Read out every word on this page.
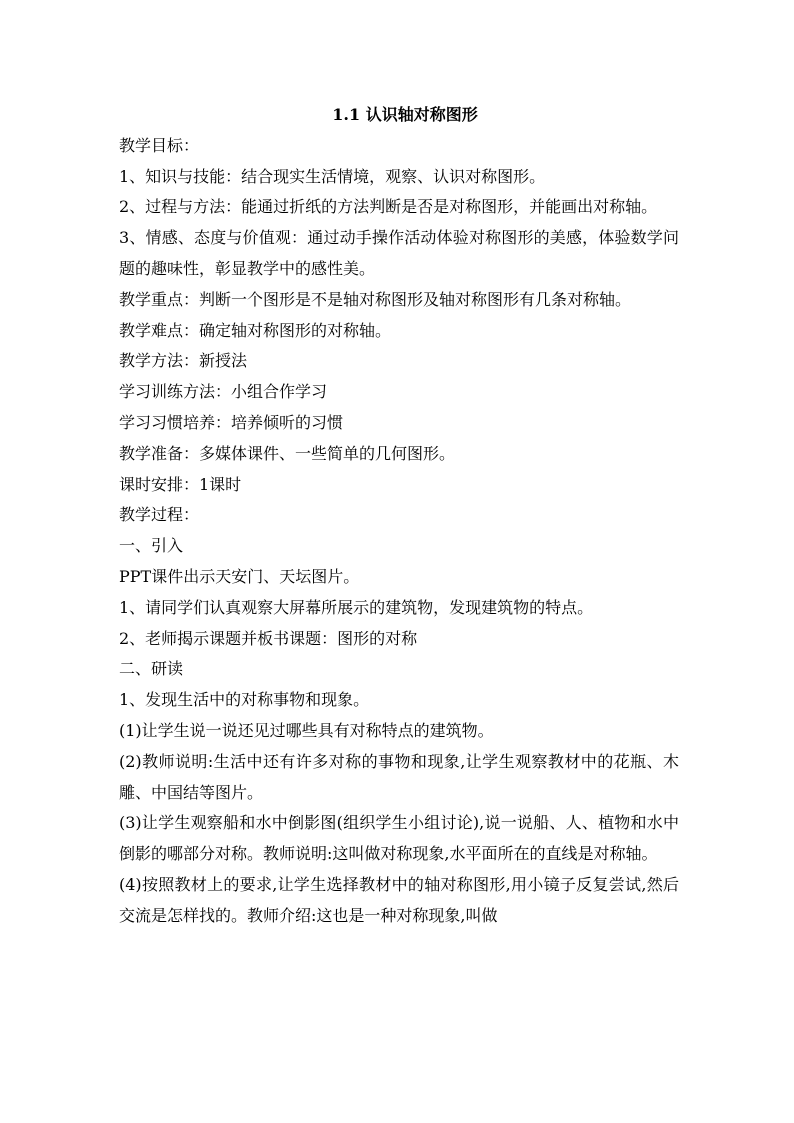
1.1 认识轴对称图形

教学目标：

1、知识与技能：结合现实生活情境，观察、认识对称图形。

2、过程与方法：能通过折纸的方法判断是否是对称图形，并能画出对称轴。

3、情感、态度与价值观：通过动手操作活动体验对称图形的美感，体验数学问题的趣味性，彰显教学中的感性美。

教学重点：判断一个图形是不是轴对称图形及轴对称图形有几条对称轴。

教学难点：确定轴对称图形的对称轴。

教学方法：新授法

学习训练方法：小组合作学习

学习习惯培养：培养倾听的习惯

教学准备：多媒体课件、一些简单的几何图形。

课时安排：1课时

教学过程：

一、引入

PPT课件出示天安门、天坛图片。

1、请同学们认真观察大屏幕所展示的建筑物，发现建筑物的特点。

2、老师揭示课题并板书课题：图形的对称

二、研读

1、发现生活中的对称事物和现象。

(1)让学生说一说还见过哪些具有对称特点的建筑物。

(2)教师说明:生活中还有许多对称的事物和现象,让学生观察教材中的花瓶、木雕、中国结等图片。

(3)让学生观察船和水中倒影图(组织学生小组讨论),说一说船、人、植物和水中倒影的哪部分对称。教师说明:这叫做对称现象,水平面所在的直线是对称轴。

(4)按照教材上的要求,让学生选择教材中的轴对称图形,用小镜子反复尝试,然后交流是怎样找的。教师介绍:这也是一种对称现象,叫做
